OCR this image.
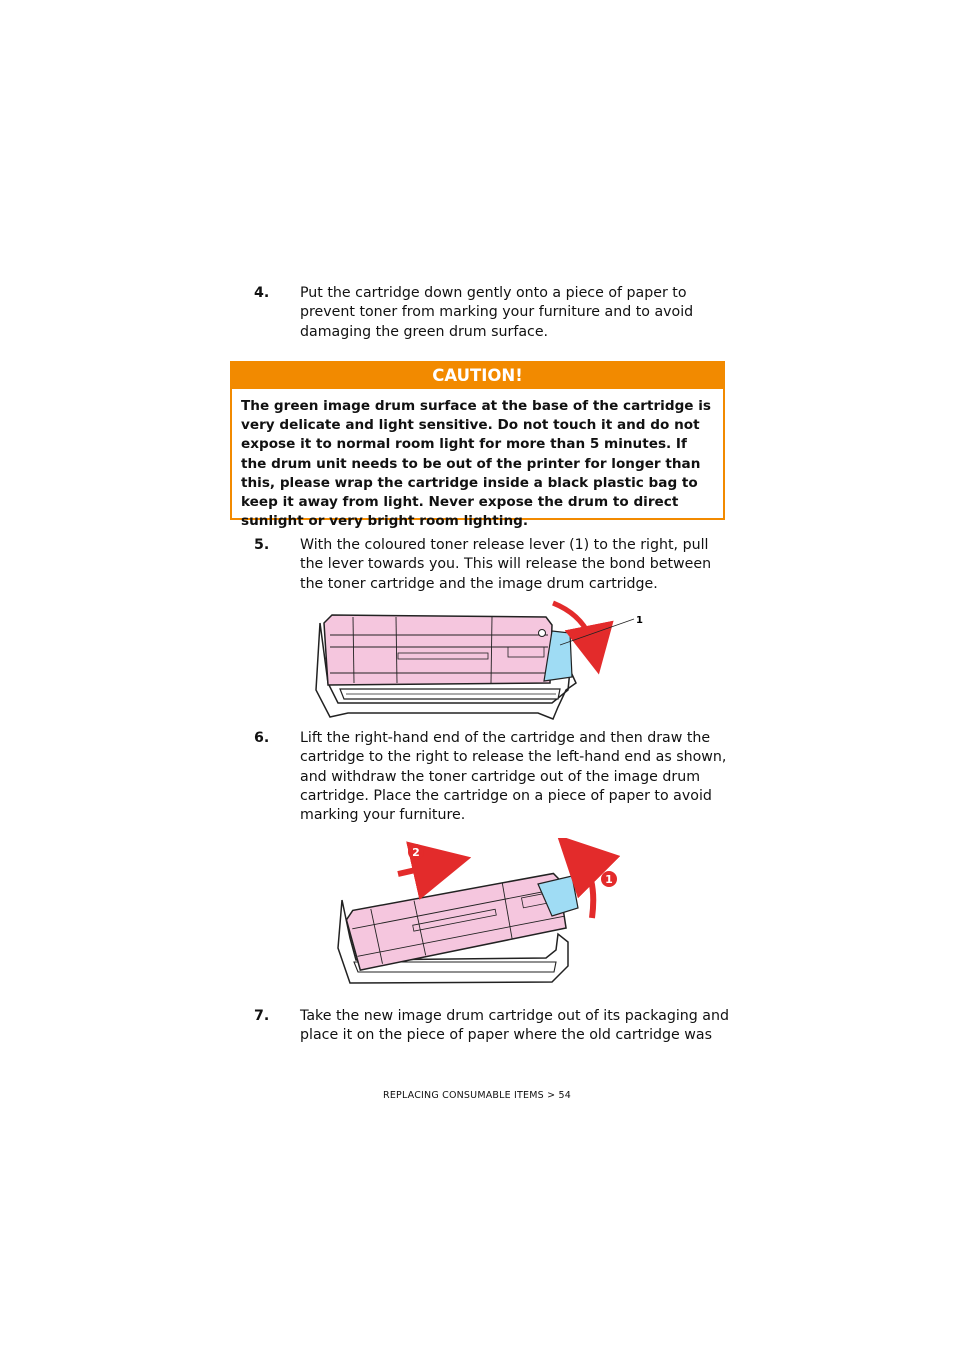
4. Put the cartridge down gently onto a piece of paper to prevent toner from marking your furniture and to avoid damaging the green drum surface.
CAUTION!
The green image drum surface at the base of the cartridge is very delicate and light sensitive. Do not touch it and do not expose it to normal room light for more than 5 minutes. If the drum unit needs to be out of the printer for longer than this, please wrap the cartridge inside a black plastic bag to keep it away from light. Never expose the drum to direct sunlight or very bright room lighting.
5. With the coloured toner release lever (1) to the right, pull the lever towards you. This will release the bond between the toner cartridge and the image drum cartridge.
1
6. Lift the right-hand end of the cartridge and then draw the cartridge to the right to release the left-hand end as shown, and withdraw the toner cartridge out of the image drum cartridge. Place the cartridge on a piece of paper to avoid marking your furniture.
2
1
7. Take the new image drum cartridge out of its packaging and place it on the piece of paper where the old cartridge was
REPLACING CONSUMABLE ITEMS > 54
